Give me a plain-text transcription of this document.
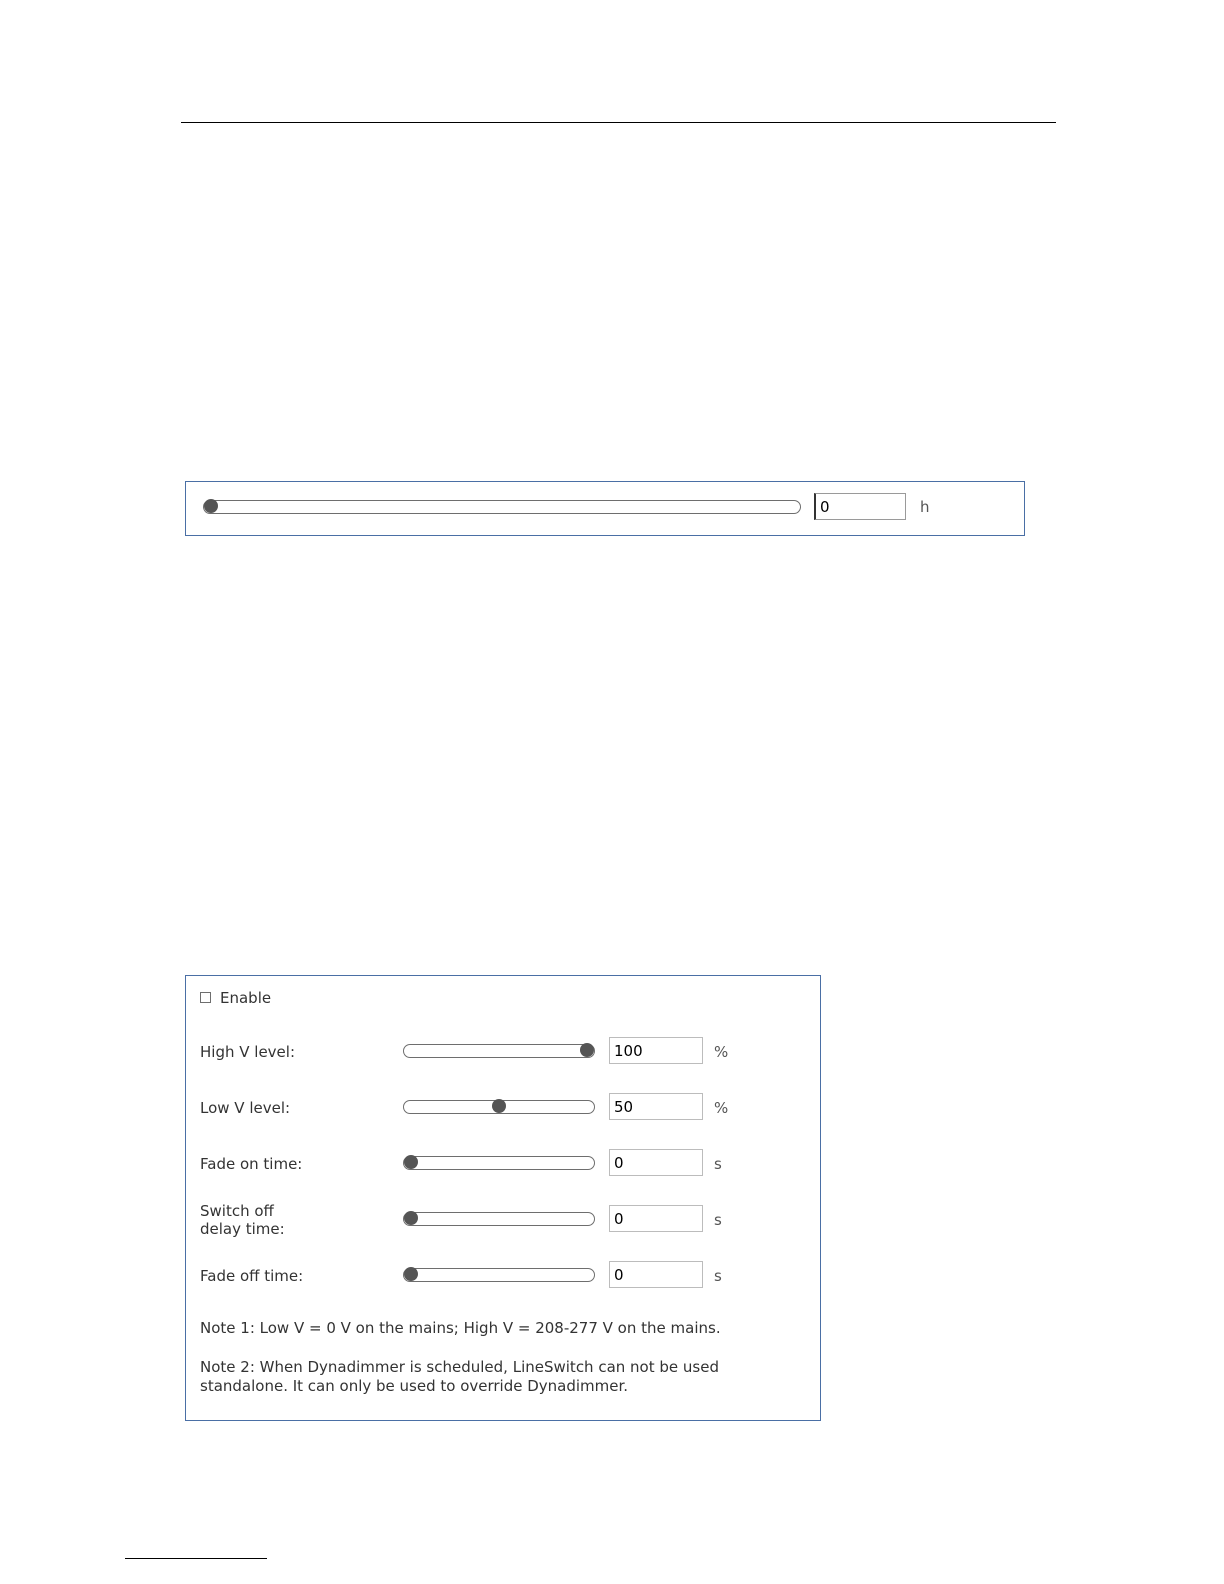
0
h
Enable
High V level:
100	%
Low V level:
50	%
Fade on time:
0	s
Switch off
delay time:
0	s
Fade off time:
0	s
Note 1: Low V = 0 V on the mains; High V = 208-277 V on the mains.
Note 2: When Dynadimmer is scheduled, LineSwitch can not be used standalone. It can only be used to override Dynadimmer.
